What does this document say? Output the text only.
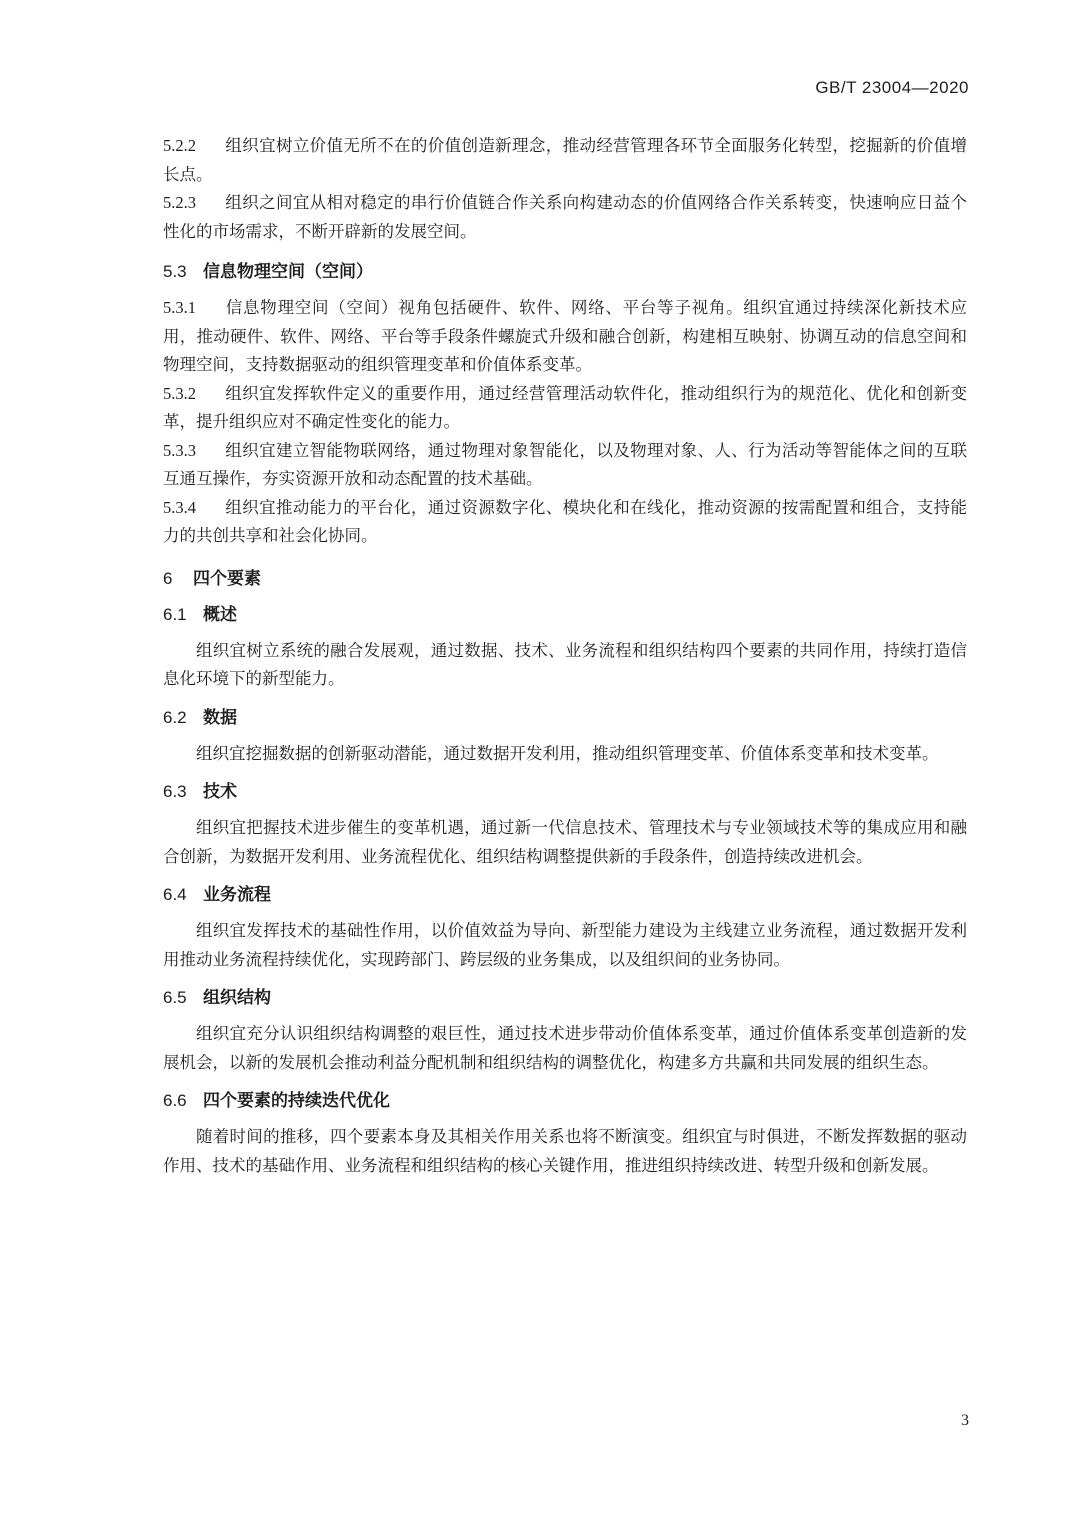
GB/T 23004—2020

5.2.2 组织宜树立价值无所不在的价值创造新理念，推动经营管理各环节全面服务化转型，挖掘新的价值增长点。

5.2.3 组织之间宜从相对稳定的串行价值链合作关系向构建动态的价值网络合作关系转变，快速响应日益个性化的市场需求，不断开辟新的发展空间。

5.3 信息物理空间（空间）

5.3.1 信息物理空间（空间）视角包括硬件、软件、网络、平台等子视角。组织宜通过持续深化新技术应用，推动硬件、软件、网络、平台等手段条件螺旋式升级和融合创新，构建相互映射、协调互动的信息空间和物理空间，支持数据驱动的组织管理变革和价值体系变革。

5.3.2 组织宜发挥软件定义的重要作用，通过经营管理活动软件化，推动组织行为的规范化、优化和创新变革，提升组织应对不确定性变化的能力。

5.3.3 组织宜建立智能物联网络，通过物理对象智能化，以及物理对象、人、行为活动等智能体之间的互联互通互操作，夯实资源开放和动态配置的技术基础。

5.3.4 组织宜推动能力的平台化，通过资源数字化、模块化和在线化，推动资源的按需配置和组合，支持能力的共创共享和社会化协同。

6 四个要素
6.1 概述

组织宜树立系统的融合发展观，通过数据、技术、业务流程和组织结构四个要素的共同作用，持续打造信息化环境下的新型能力。

6.2 数据

组织宜挖掘数据的创新驱动潜能，通过数据开发利用，推动组织管理变革、价值体系变革和技术变革。

6.3 技术

组织宜把握技术进步催生的变革机遇，通过新一代信息技术、管理技术与专业领域技术等的集成应用和融合创新，为数据开发利用、业务流程优化、组织结构调整提供新的手段条件，创造持续改进机会。

6.4 业务流程

组织宜发挥技术的基础性作用，以价值效益为导向、新型能力建设为主线建立业务流程，通过数据开发利用推动业务流程持续优化，实现跨部门、跨层级的业务集成，以及组织间的业务协同。

6.5 组织结构

组织宜充分认识组织结构调整的艰巨性，通过技术进步带动价值体系变革，通过价值体系变革创造新的发展机会，以新的发展机会推动利益分配机制和组织结构的调整优化，构建多方共赢和共同发展的组织生态。

6.6 四个要素的持续迭代优化

随着时间的推移，四个要素本身及其相关作用关系也将不断演变。组织宜与时俱进，不断发挥数据的驱动作用、技术的基础作用、业务流程和组织结构的核心关键作用，推进组织持续改进、转型升级和创新发展。

3
